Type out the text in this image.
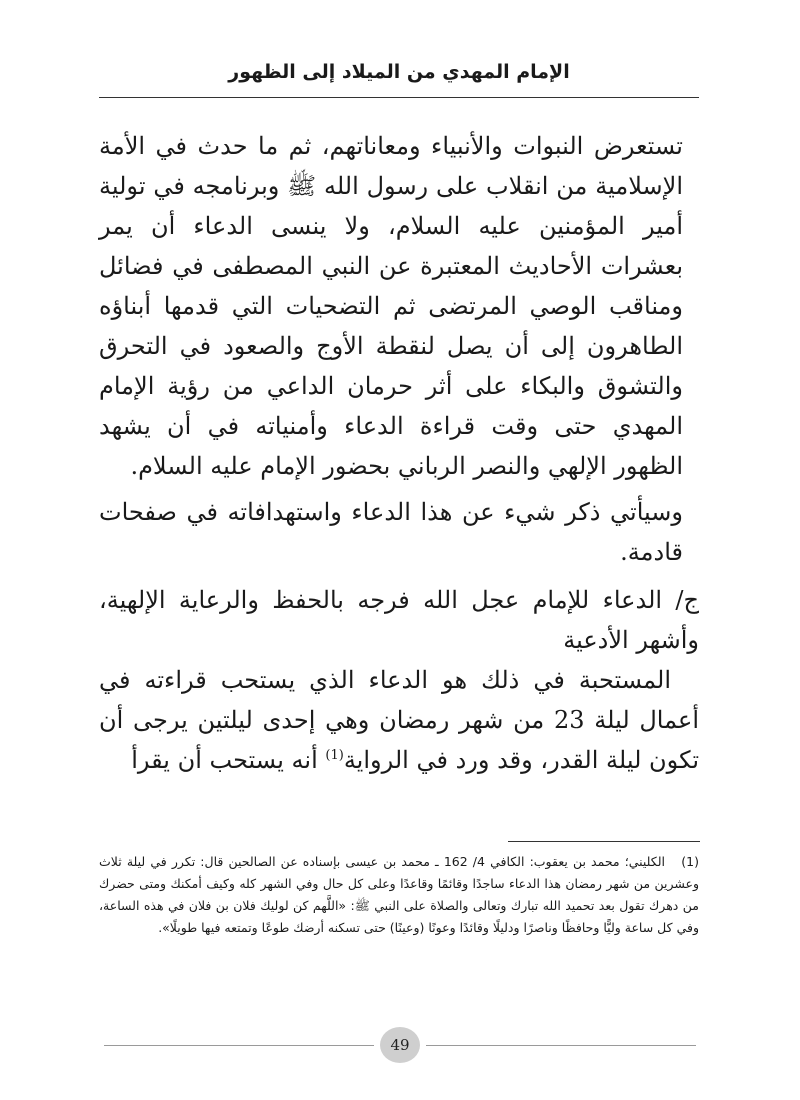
الإمام المهدي من الميلاد إلى الظهور

تستعرض النبوات والأنبياء ومعاناتهم، ثم ما حدث في الأمة الإسلامية من انقلاب على رسول الله ﷺ وبرنامجه في تولية أمير المؤمنين عليه السلام، ولا ينسى الدعاء أن يمر بعشرات الأحاديث المعتبرة عن النبي المصطفى في فضائل ومناقب الوصي المرتضى ثم التضحيات التي قدمها أبناؤه الطاهرون إلى أن يصل لنقطة الأوج والصعود في التحرق والتشوق والبكاء على أثر حرمان الداعي من رؤية الإمام المهدي حتى وقت قراءة الدعاء وأمنياته في أن يشهد الظهور الإلهي والنصر الرباني بحضور الإمام عليه السلام.

وسيأتي ذكر شيء عن هذا الدعاء واستهدافاته في صفحات قادمة.

ج/ الدعاء للإمام عجل الله فرجه بالحفظ والرعاية الإلهية، وأشهر الأدعية
المستحبة في ذلك هو الدعاء الذي يستحب قراءته في أعمال ليلة 23 من شهر رمضان وهي إحدى ليلتين يرجى أن تكون ليلة القدر، وقد ورد في الرواية$^{(1)}$ أنه يستحب أن يقرأ

(1)الكليني؛ محمد بن يعقوب: الكافي 4/ 162 ـ محمد بن عيسى بإسناده عن الصالحين قال: تكرر في ليلة ثلاث وعشرين من شهر رمضان هذا الدعاء ساجدًا وقائمًا وقاعدًا وعلى كل حال وفي الشهر كله وكيف أمكنك ومتى حضرك من دهرك تقول بعد تحميد الله تبارك وتعالى والصلاة على النبي ﷺ: «اللَّهم كن لوليك فلان بن فلان في هذه الساعة، وفي كل ساعة وليًّا وحافظًا وناصرًا ودليلًا وقائدًا وعونًا (وعينًا) حتى تسكنه أرضك طوعًا وتمتعه فيها طويلًا».
49
